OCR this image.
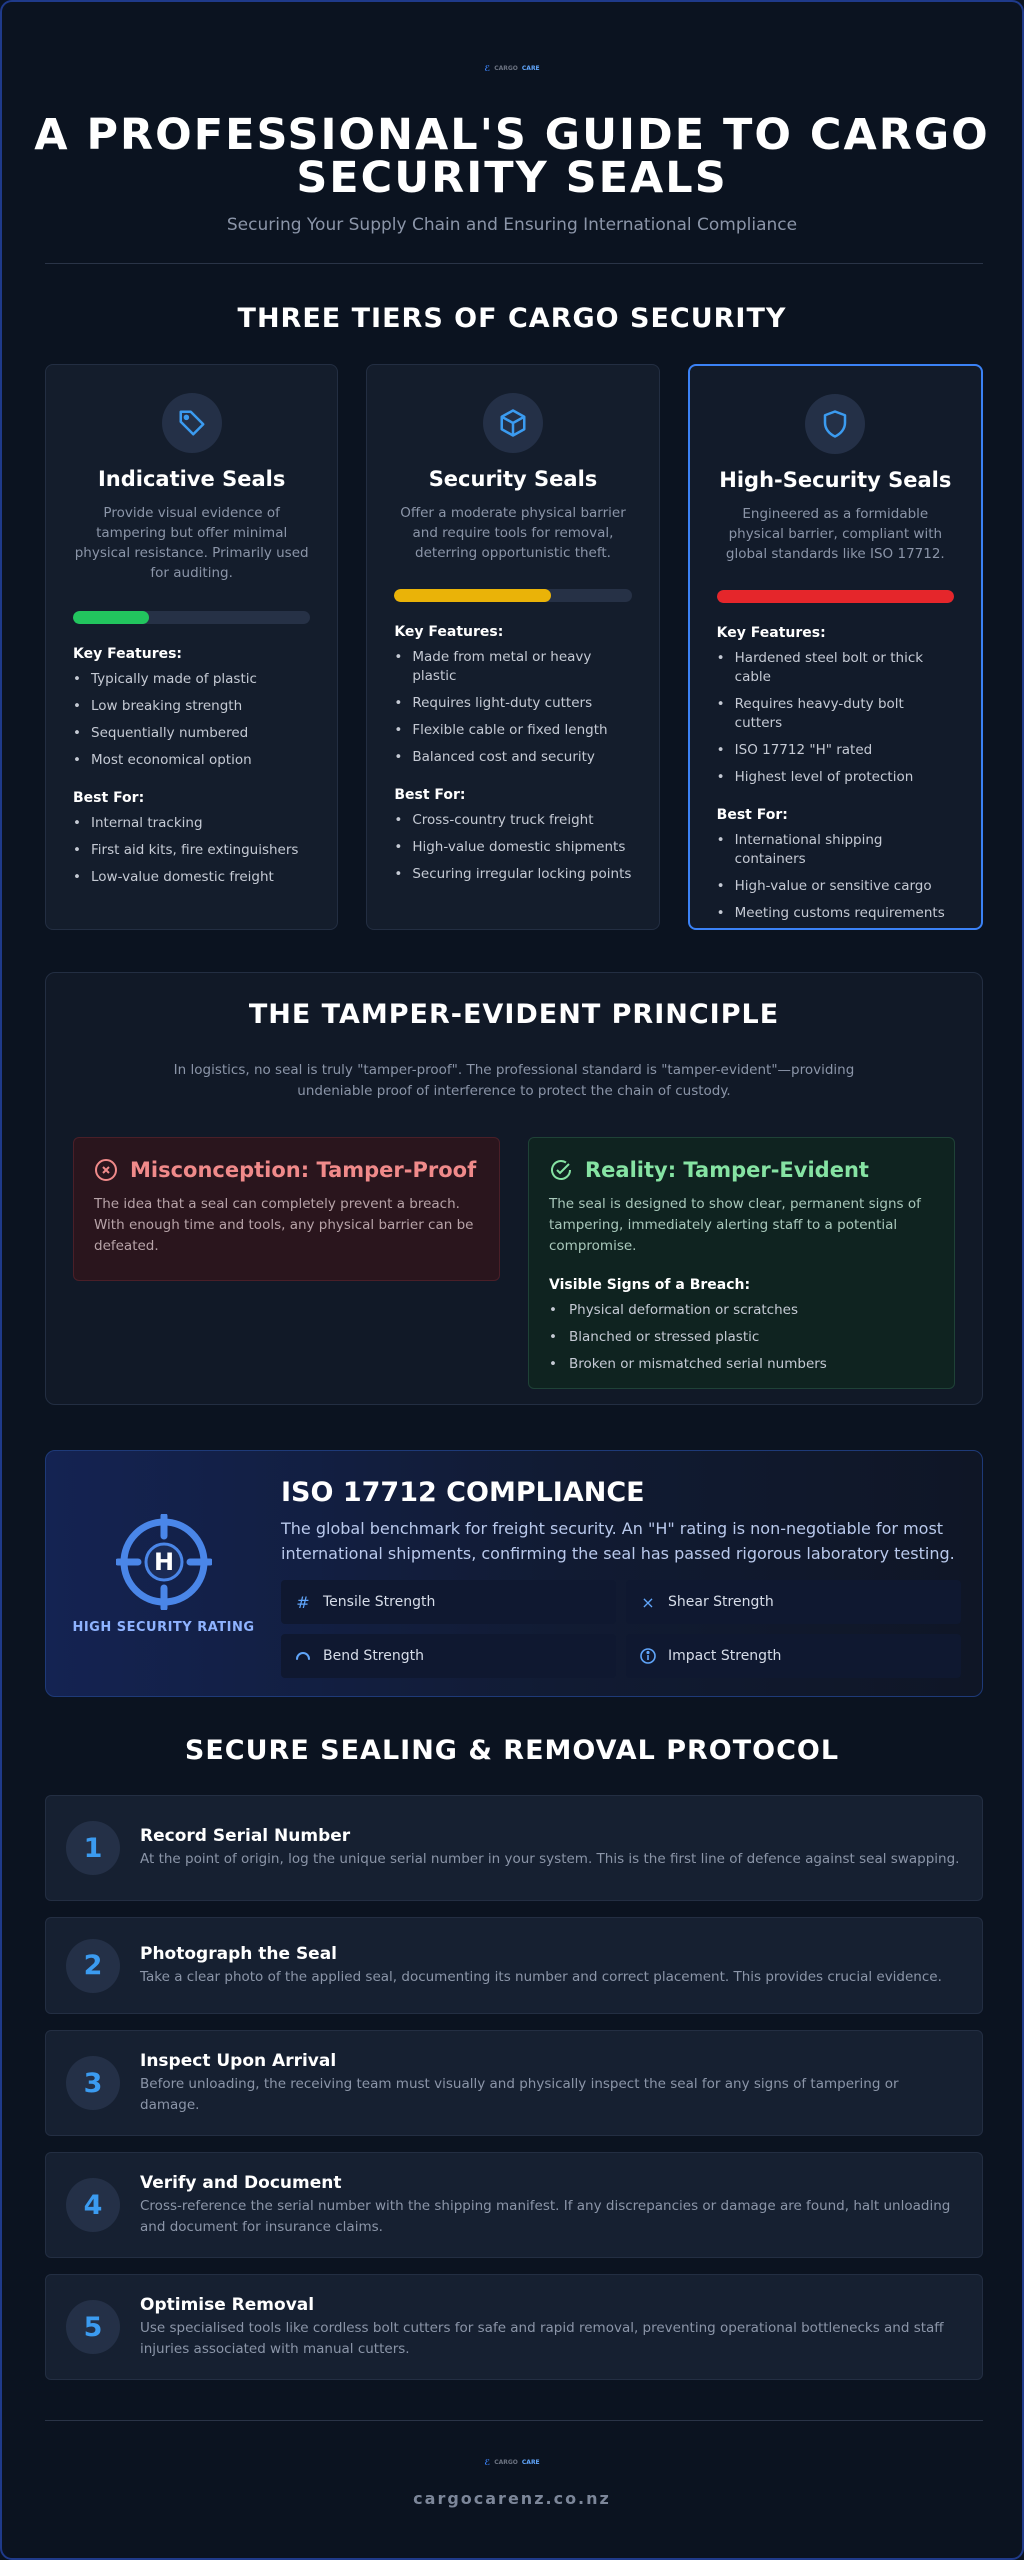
ℰ CARGO CARE
A PROFESSIONAL'S GUIDE TO CARGO SECURITY SEALS
Securing Your Supply Chain and Ensuring International Compliance
THREE TIERS OF CARGO SECURITY
Indicative Seals
Provide visual evidence of tampering but offer minimal physical resistance. Primarily used for auditing.
Key Features:
• Typically made of plastic
• Low breaking strength
• Sequentially numbered
• Most economical option
Best For:
• Internal tracking
• First aid kits, fire extinguishers
• Low-value domestic freight
Security Seals
Offer a moderate physical barrier and require tools for removal, deterring opportunistic theft.
Key Features:
• Made from metal or heavy plastic
• Requires light-duty cutters
• Flexible cable or fixed length
• Balanced cost and security
Best For:
• Cross-country truck freight
• High-value domestic shipments
• Securing irregular locking points
High-Security Seals
Engineered as a formidable physical barrier, compliant with global standards like ISO 17712.
Key Features:
• Hardened steel bolt or thick cable
• Requires heavy-duty bolt cutters
• ISO 17712 "H" rated
• Highest level of protection
Best For:
• International shipping containers
• High-value or sensitive cargo
• Meeting customs requirements
THE TAMPER-EVIDENT PRINCIPLE

In logistics, no seal is truly "tamper-proof". The professional standard is "tamper-evident"—providing undeniable proof of interference to protect the chain of custody.

Misconception: Tamper-Proof

The idea that a seal can completely prevent a breach. With enough time and tools, any physical barrier can be defeated.

Reality: Tamper-Evident

The seal is designed to show clear, permanent signs of tampering, immediately alerting staff to a potential compromise.

Visible Signs of a Breach:
• Physical deformation or scratches
• Blanched or stressed plastic
• Broken or mismatched serial numbers
H
HIGH SECURITY RATING
ISO 17712 COMPLIANCE

The global benchmark for freight security. An "H" rating is non-negotiable for most international shipments, confirming the seal has passed rigorous laboratory testing.

# Tensile Strength	× Shear Strength
Bend Strength	Impact Strength
SECURE SEALING & REMOVAL PROTOCOL
1	Record Serial Number
At the point of origin, log the unique serial number in your system. This is the first line of defence against seal swapping.
2	Photograph the Seal
Take a clear photo of the applied seal, documenting its number and correct placement. This provides crucial evidence.
3
Inspect Upon Arrival
Before unloading, the receiving team must visually and physically inspect the seal for any signs of tampering or damage.
4
Verify and Document
Cross-reference the serial number with the shipping manifest. If any discrepancies or damage are found, halt unloading and document for insurance claims.
5
Optimise Removal
Use specialised tools like cordless bolt cutters for safe and rapid removal, preventing operational bottlenecks and staff injuries associated with manual cutters.
ℰ CARGO CARE
cargocarenz.co.nz
